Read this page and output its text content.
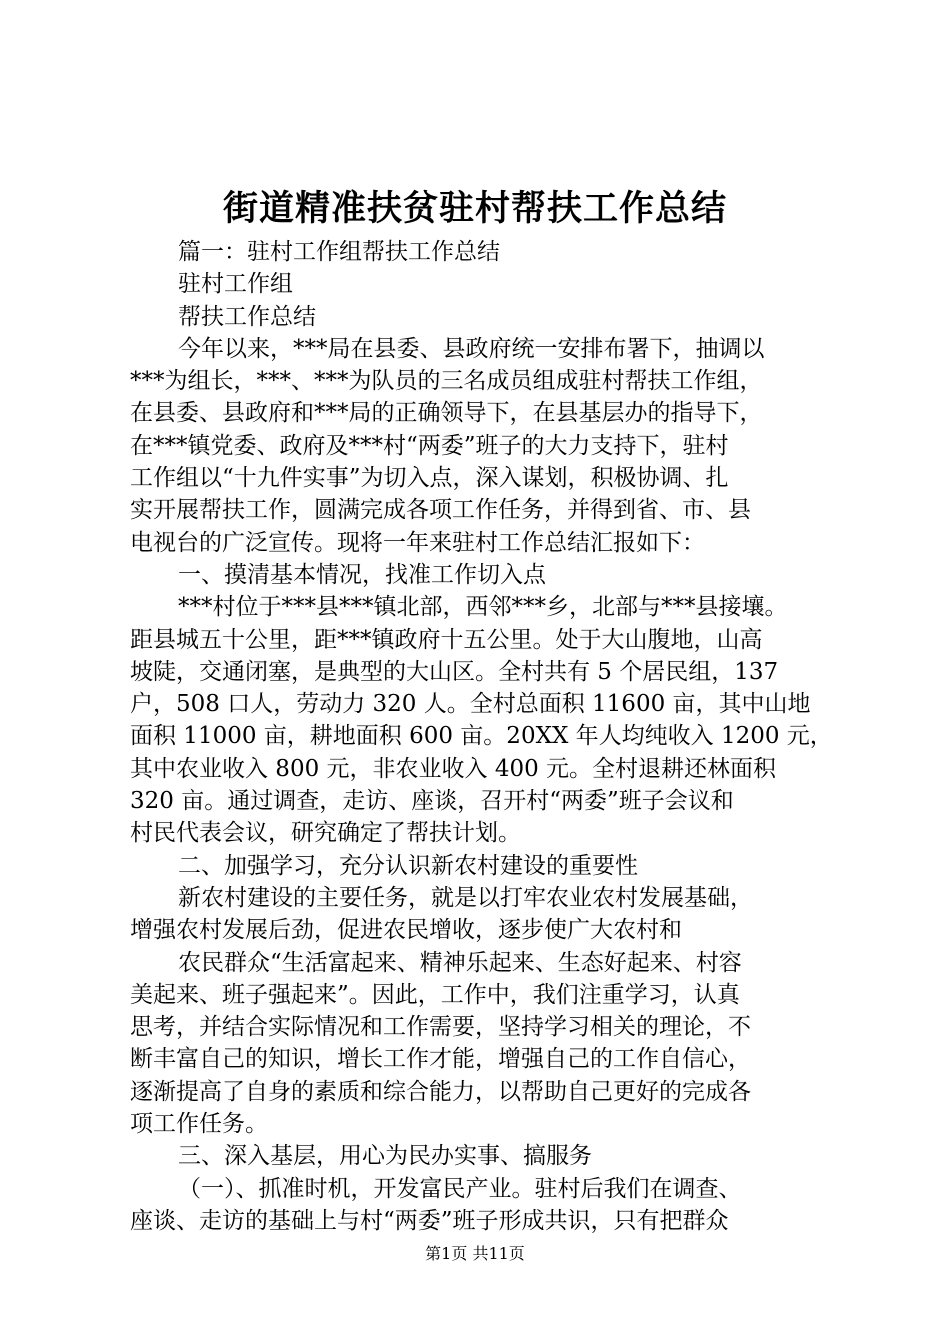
街道精准扶贫驻村帮扶工作总结
篇一：驻村工作组帮扶工作总结
驻村工作组
帮扶工作总结
今年以来，***局在县委、县政府统一安排布署下，抽调以
***为组长，***、***为队员的三名成员组成驻村帮扶工作组，
在县委、县政府和***局的正确领导下，在县基层办的指导下，
在***镇党委、政府及***村“两委”班子的大力支持下，驻村
工作组以“十九件实事”为切入点，深入谋划，积极协调、扎
实开展帮扶工作，圆满完成各项工作任务，并得到省、市、县
电视台的广泛宣传。现将一年来驻村工作总结汇报如下：
一、摸清基本情况，找准工作切入点
***村位于***县***镇北部，西邻***乡，北部与***县接壤。
距县城五十公里，距***镇政府十五公里。处于大山腹地，山高
坡陡，交通闭塞，是典型的大山区。全村共有 5 个居民组，137
户，508 口人，劳动力 320 人。全村总面积 11600 亩，其中山地
面积 11000 亩，耕地面积 600 亩。20XX 年人均纯收入 1200 元，
其中农业收入 800 元，非农业收入 400 元。全村退耕还林面积
320 亩。通过调查，走访、座谈，召开村“两委”班子会议和
村民代表会议，研究确定了帮扶计划。
二、加强学习，充分认识新农村建设的重要性
新农村建设的主要任务，就是以打牢农业农村发展基础，
增强农村发展后劲，促进农民增收，逐步使广大农村和
农民群众“生活富起来、精神乐起来、生态好起来、村容
美起来、班子强起来”。因此，工作中，我们注重学习，认真
思考，并结合实际情况和工作需要，坚持学习相关的理论，不
断丰富自己的知识，增长工作才能，增强自己的工作自信心，
逐渐提高了自身的素质和综合能力，以帮助自己更好的完成各
项工作任务。
三、深入基层，用心为民办实事、搞服务
（一）、抓准时机，开发富民产业。驻村后我们在调查、
座谈、走访的基础上与村“两委”班子形成共识，只有把群众
第1页 共11页
